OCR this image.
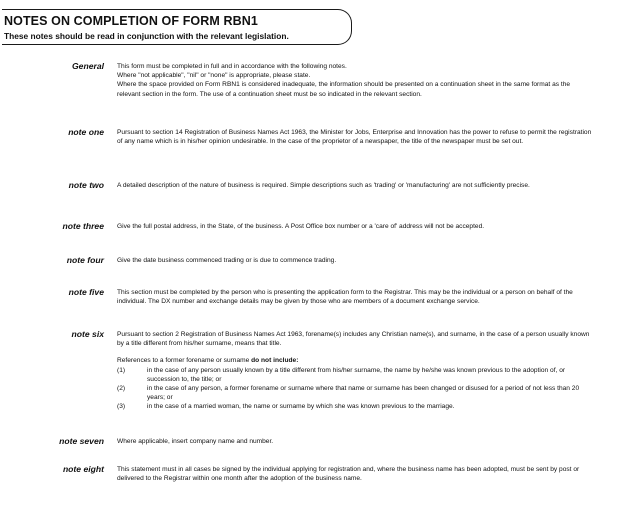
NOTES ON COMPLETION OF FORM RBN1
These notes should be read in conjunction with the relevant legislation.
General This form must be completed in full and in accordance with the following notes.

Where "not applicable", "nil" or "none" is appropriate, please state.

Where the space provided on Form RBN1 is considered inadequate, the information should be presented on a continuation sheet in the same format as the relevant section in the form. The use of a continuation sheet must be so indicated in the relevant section.

note one Pursuant to section 14 Registration of Business Names Act 1963, the Minister for Jobs, Enterprise and Innovation has the power to refuse to permit the registration of any name which is in his/her opinion undesirable. In the case of the proprietor of a newspaper, the title of the newspaper must be set out.

note two A detailed description of the nature of business is required. Simple descriptions such as 'trading' or 'manufacturing' are not sufficiently precise.

note three Give the full postal address, in the State, of the business. A Post Office box number or a 'care of' address will not be accepted.

note four Give the date business commenced trading or is due to commence trading.

note five This section must be completed by the person who is presenting the application form to the Registrar. This may be the individual or a person on behalf of the individual. The DX number and exchange details may be given by those who are members of a document exchange service.

note six Pursuant to section 2 Registration of Business Names Act 1963, forename(s) includes any Christian name(s), and surname, in the case of a person usually known by a title different from his/her surname, means that title.

References to a former forename or surname do not include:

(1)	in the case of any person usually known by a title different from his/her surname, the name by he/she was known previous to the adoption of, or succession to, the title; or
(2)	in the case of any person, a former forename or surname where that name or surname has been changed or disused for a period of not less than 20 years; or
(3)	in the case of a married woman, the name or surname by which she was known previous to the marriage.
note seven Where applicable, insert company name and number.

note eight This statement must in all cases be signed by the individual applying for registration and, where the business name has been adopted, must be sent by post or delivered to the Registrar within one month after the adoption of the business name.
